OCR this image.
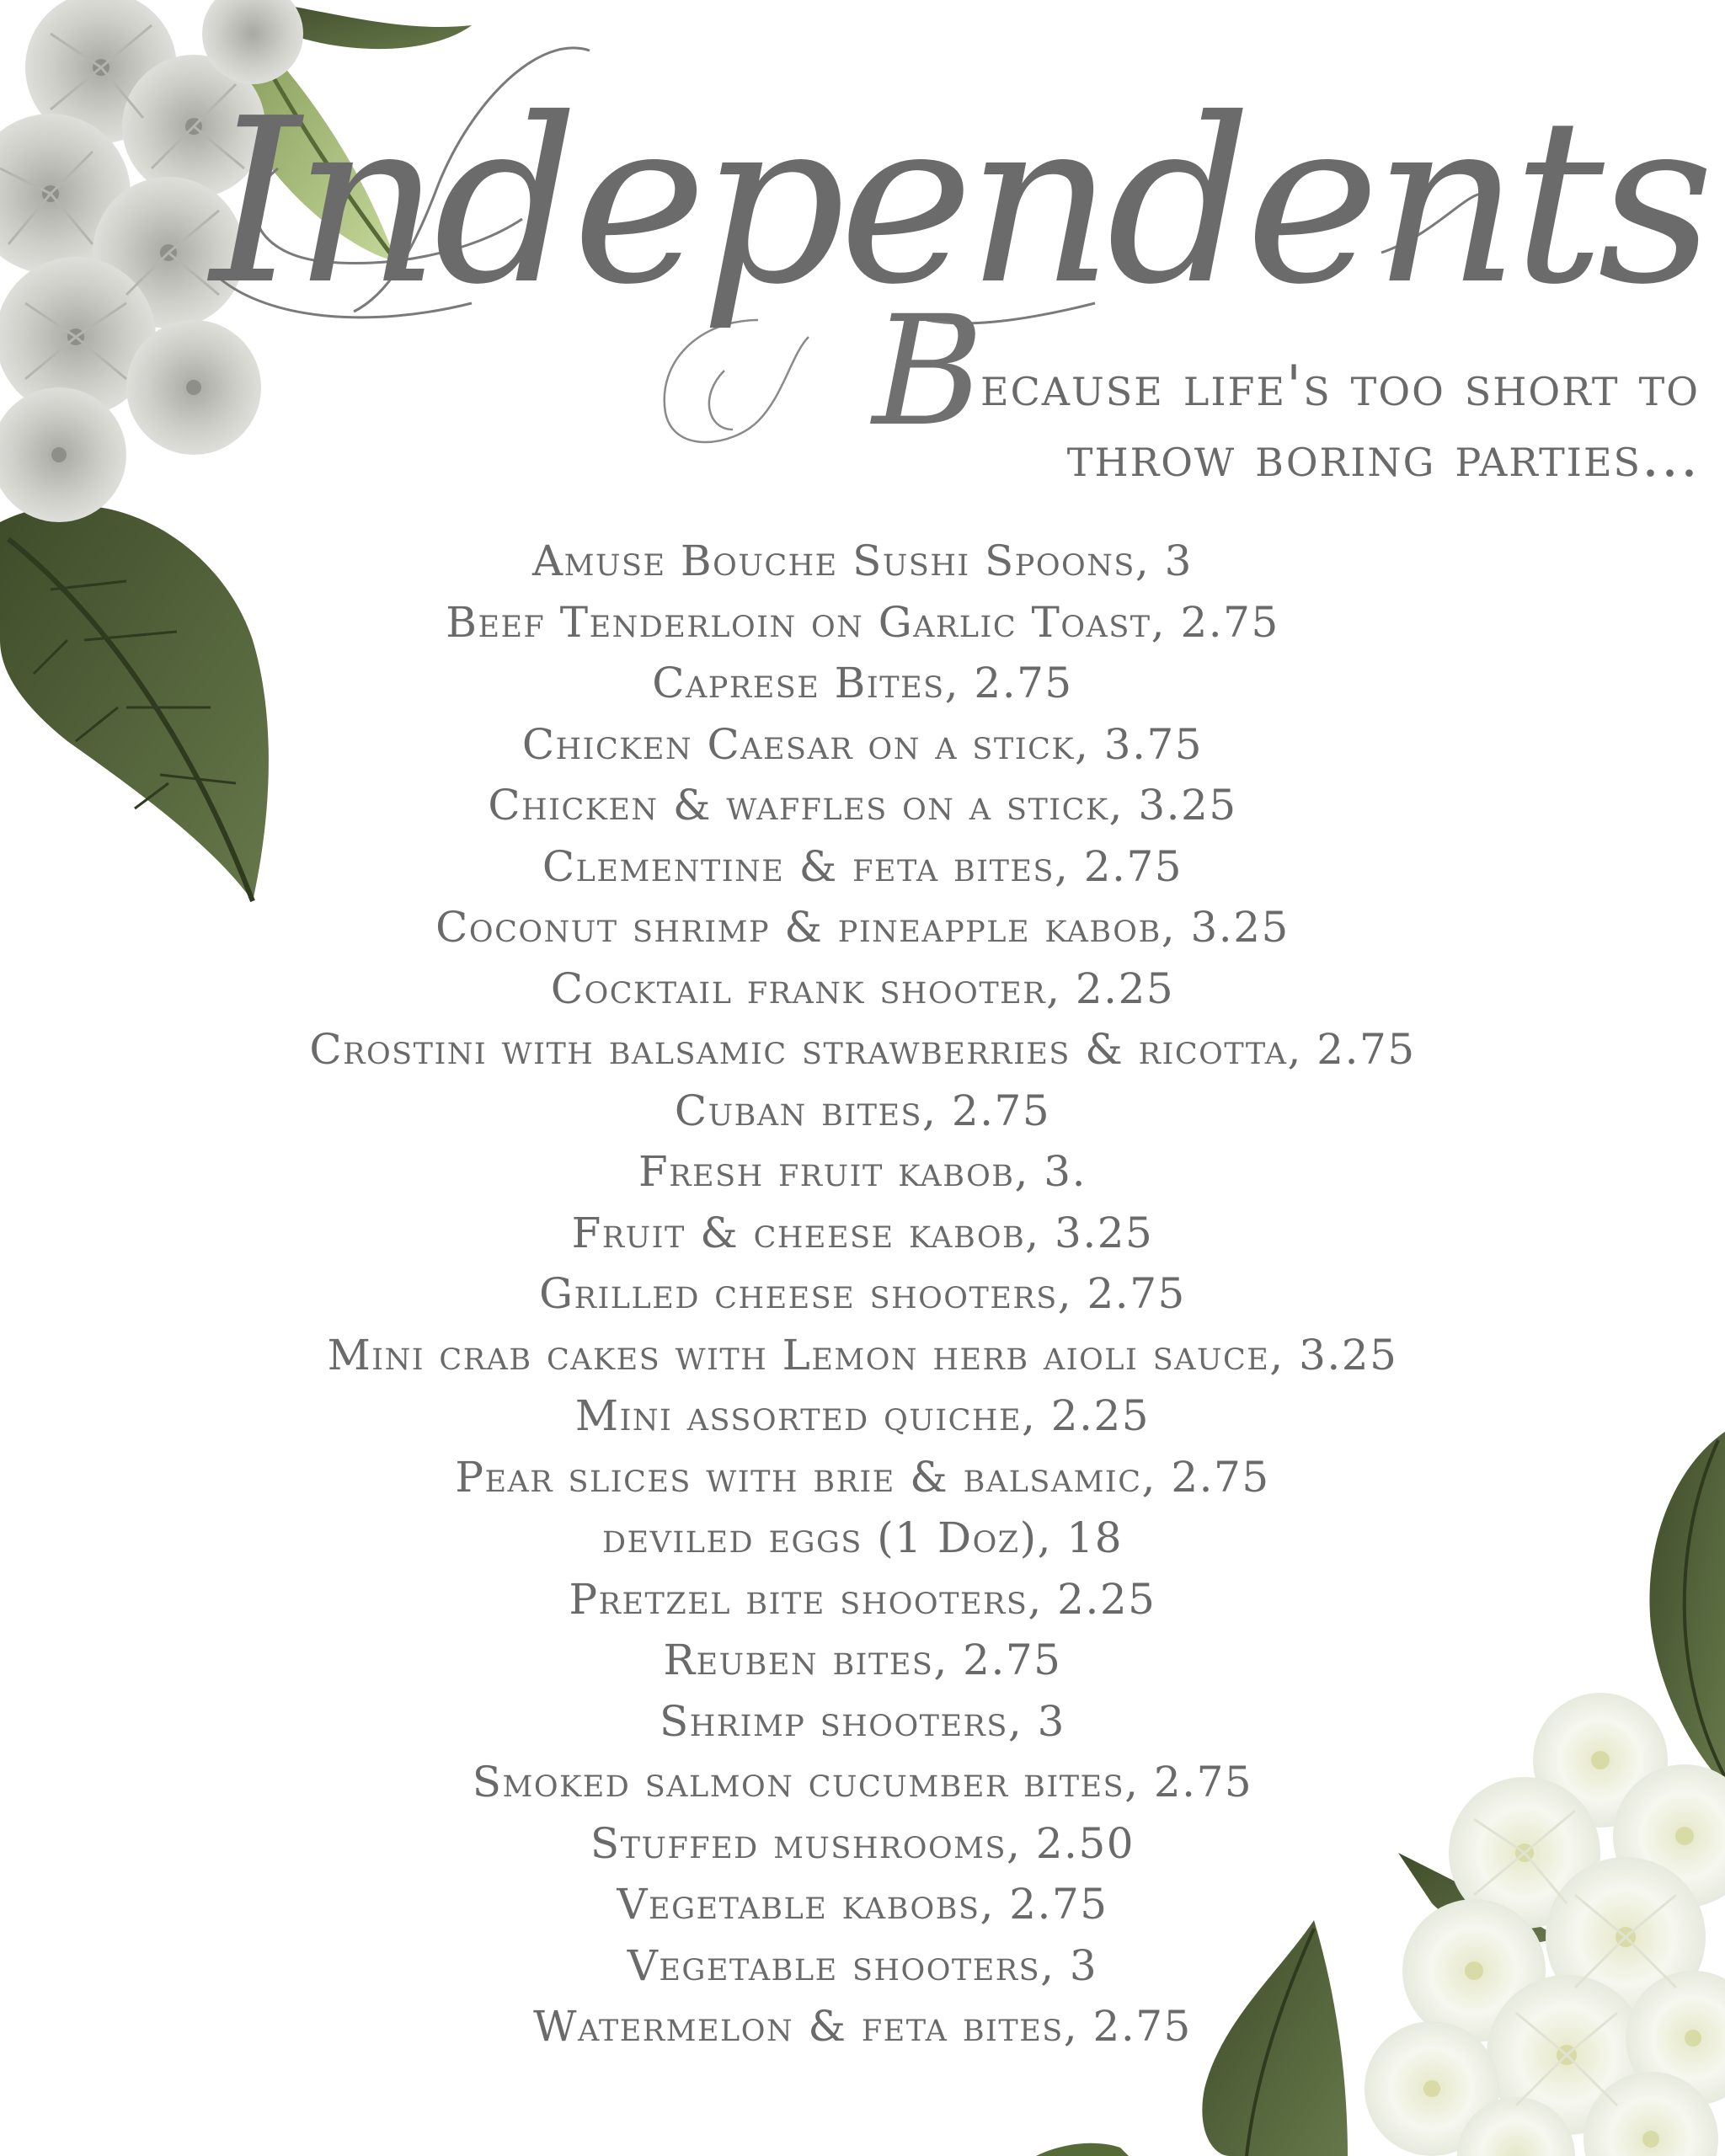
Independents
Because life's too short to
throw boring parties...
Amuse Bouche Sushi Spoons, 3
Beef Tenderloin on Garlic Toast, 2.75
Caprese Bites, 2.75
Chicken Caesar on a stick, 3.75
Chicken & waffles on a stick, 3.25
Clementine & feta bites, 2.75
Coconut shrimp & pineapple kabob, 3.25
Cocktail frank shooter, 2.25
Crostini with balsamic strawberries & ricotta, 2.75
Cuban bites, 2.75
Fresh fruit kabob, 3.
Fruit & cheese kabob, 3.25
Grilled cheese shooters, 2.75
Mini crab cakes with Lemon herb aioli sauce, 3.25
Mini assorted quiche, 2.25
Pear slices with brie & balsamic, 2.75
deviled eggs (1 Doz), 18
Pretzel bite shooters, 2.25
Reuben bites, 2.75
Shrimp shooters, 3
Smoked salmon cucumber bites, 2.75
Stuffed mushrooms, 2.50
Vegetable kabobs, 2.75
Vegetable shooters, 3
Watermelon & feta bites, 2.75
